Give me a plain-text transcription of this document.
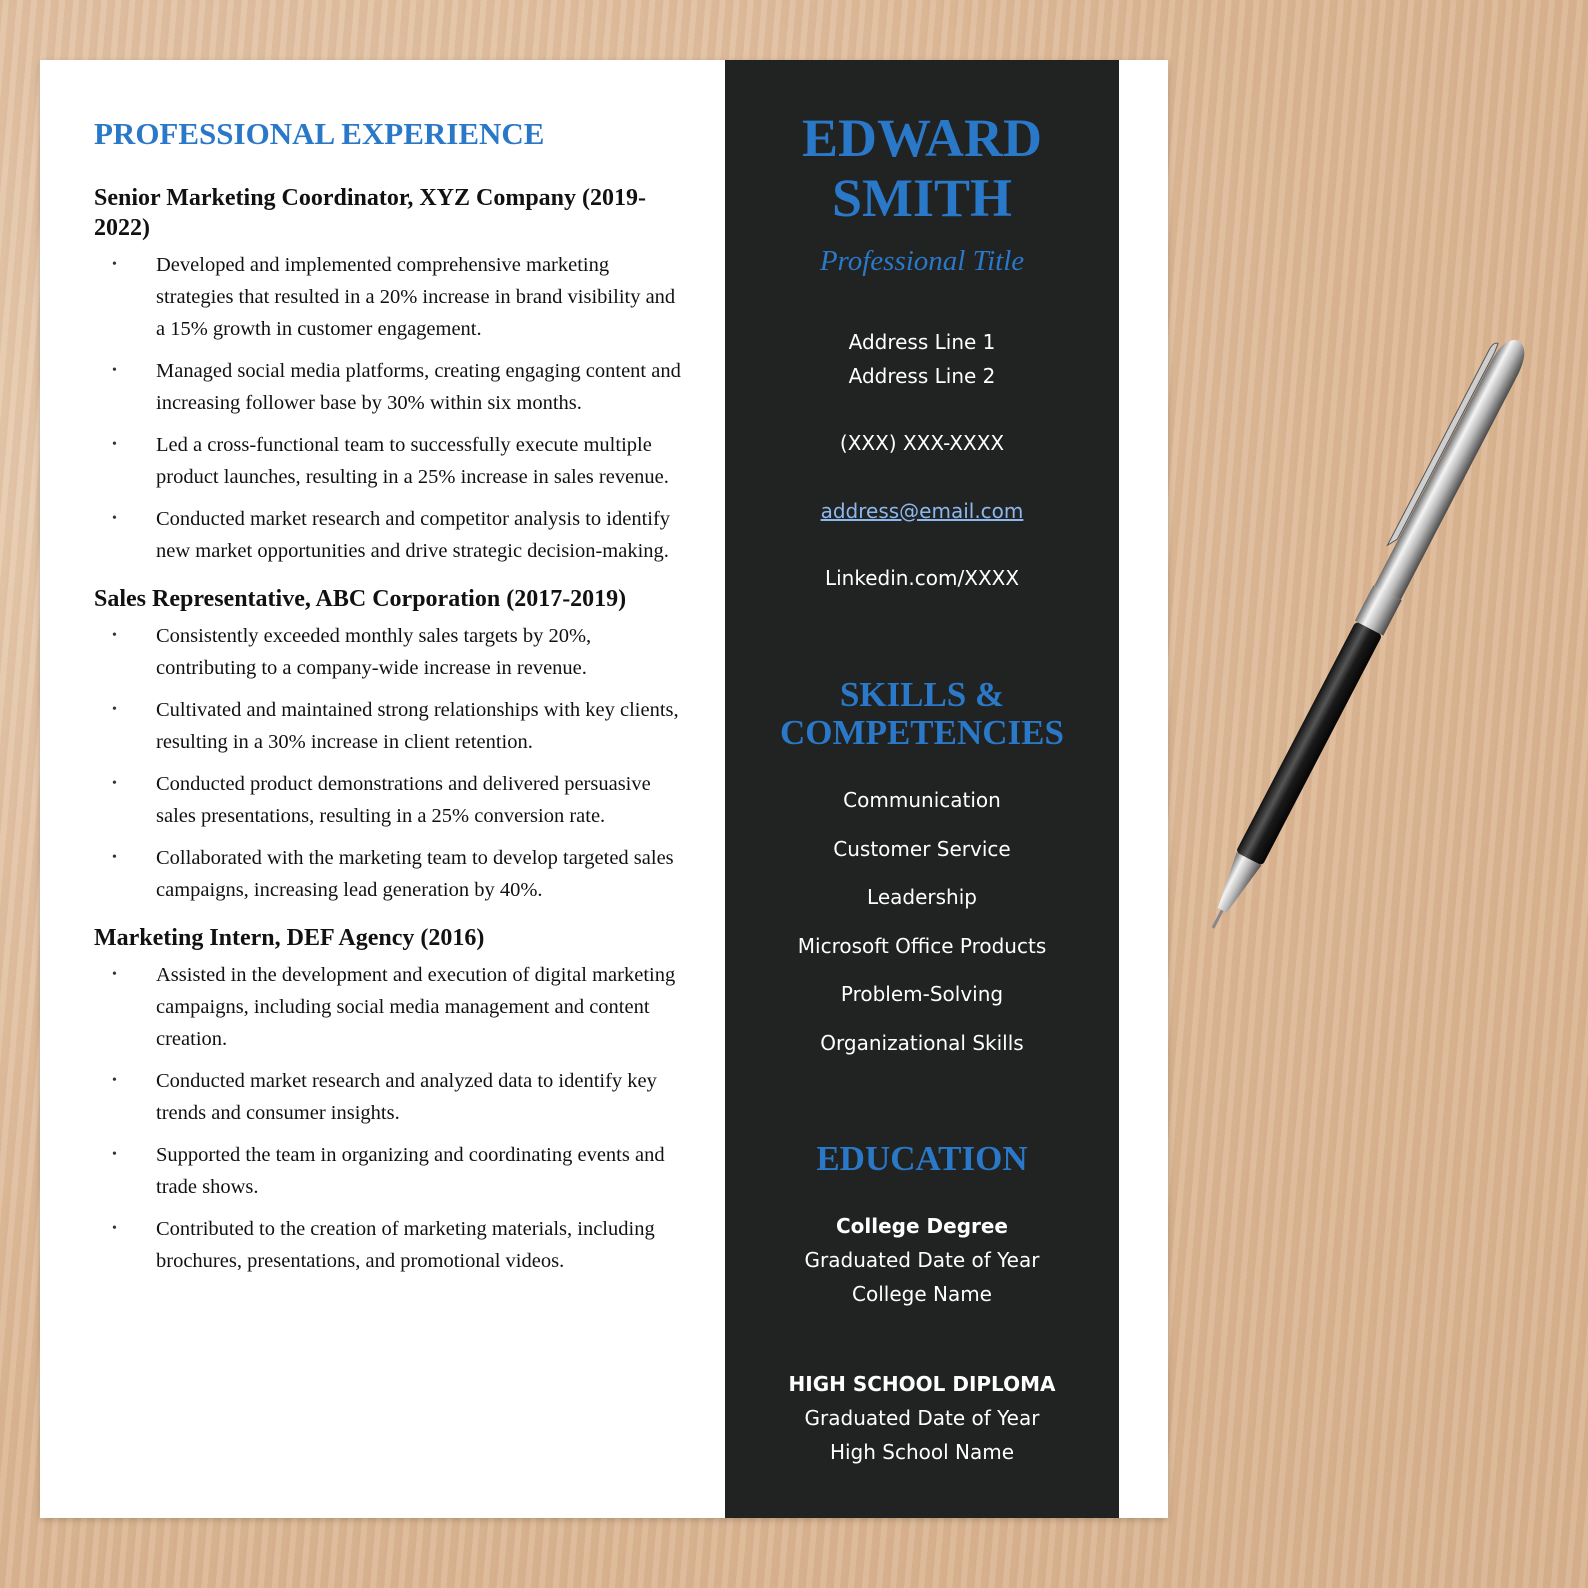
PROFESSIONAL EXPERIENCE
Senior Marketing Coordinator, XYZ Company (2019-2022)
• Developed and implemented comprehensive marketing strategies that resulted in a 20% increase in brand visibility and a 15% growth in customer engagement.
• Managed social media platforms, creating engaging content and increasing follower base by 30% within six months.
• Led a cross-functional team to successfully execute multiple product launches, resulting in a 25% increase in sales revenue.
• Conducted market research and competitor analysis to identify new market opportunities and drive strategic decision-making.
Sales Representative, ABC Corporation (2017-2019)
• Consistently exceeded monthly sales targets by 20%, contributing to a company-wide increase in revenue.
• Cultivated and maintained strong relationships with key clients, resulting in a 30% increase in client retention.
• Conducted product demonstrations and delivered persuasive sales presentations, resulting in a 25% conversion rate.
• Collaborated with the marketing team to develop targeted sales campaigns, increasing lead generation by 40%.
Marketing Intern, DEF Agency (2016)
• Assisted in the development and execution of digital marketing campaigns, including social media management and content creation.
• Conducted market research and analyzed data to identify key trends and consumer insights.
• Supported the team in organizing and coordinating events and trade shows.
• Contributed to the creation of marketing materials, including brochures, presentations, and promotional videos.
EDWARD
SMITH
Professional Title
Address Line 1
Address Line 2
(XXX) XXX-XXXX
address@email.com
Linkedin.com/XXXX
SKILLS &
COMPETENCIES
Communication
Customer Service
Leadership
Microsoft Office Products
Problem-Solving
Organizational Skills
EDUCATION
College Degree
Graduated Date of Year
College Name
HIGH SCHOOL DIPLOMA
Graduated Date of Year
High School Name
